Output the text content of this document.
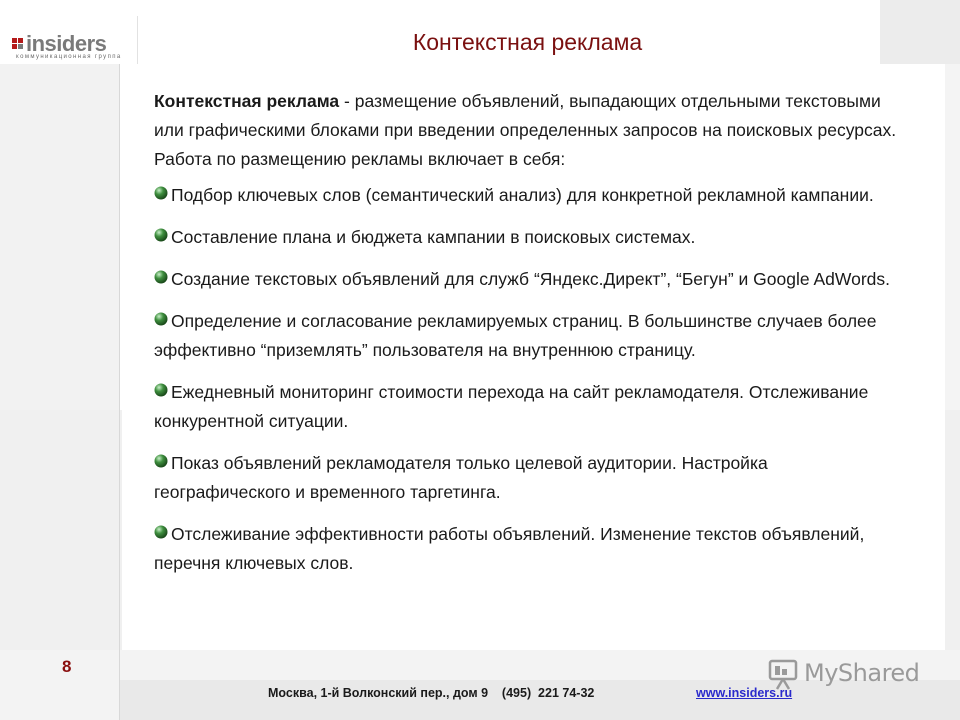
insiders
коммуникационная группа
Контекстная реклама

Контекстная реклама - размещение объявлений, выпадающих отдельными текстовыми или графическими блоками при введении определенных запросов на поисковых ресурсах. Работа по размещению рекламы включает в себя:

Подбор ключевых слов (семантический анализ) для конкретной рекламной кампании.

Составление плана и бюджета кампании в поисковых системах.

Создание текстовых объявлений для служб “Яндекс.Директ”, “Бегун” и Google AdWords.

Определение и согласование рекламируемых страниц. В большинстве случаев более эффективно “приземлять” пользователя на внутреннюю страницу.

Ежедневный мониторинг стоимости перехода на сайт рекламодателя. Отслеживание конкурентной ситуации.

Показ объявлений рекламодателя только целевой аудитории. Настройка географического и временного таргетинга.

Отслеживание эффективности работы объявлений. Изменение текстов объявлений, перечня ключевых слов.

8
Москва, 1-й Волконский пер., дом 9    (495)  221 74-32	www.insiders.ru
MyShared
